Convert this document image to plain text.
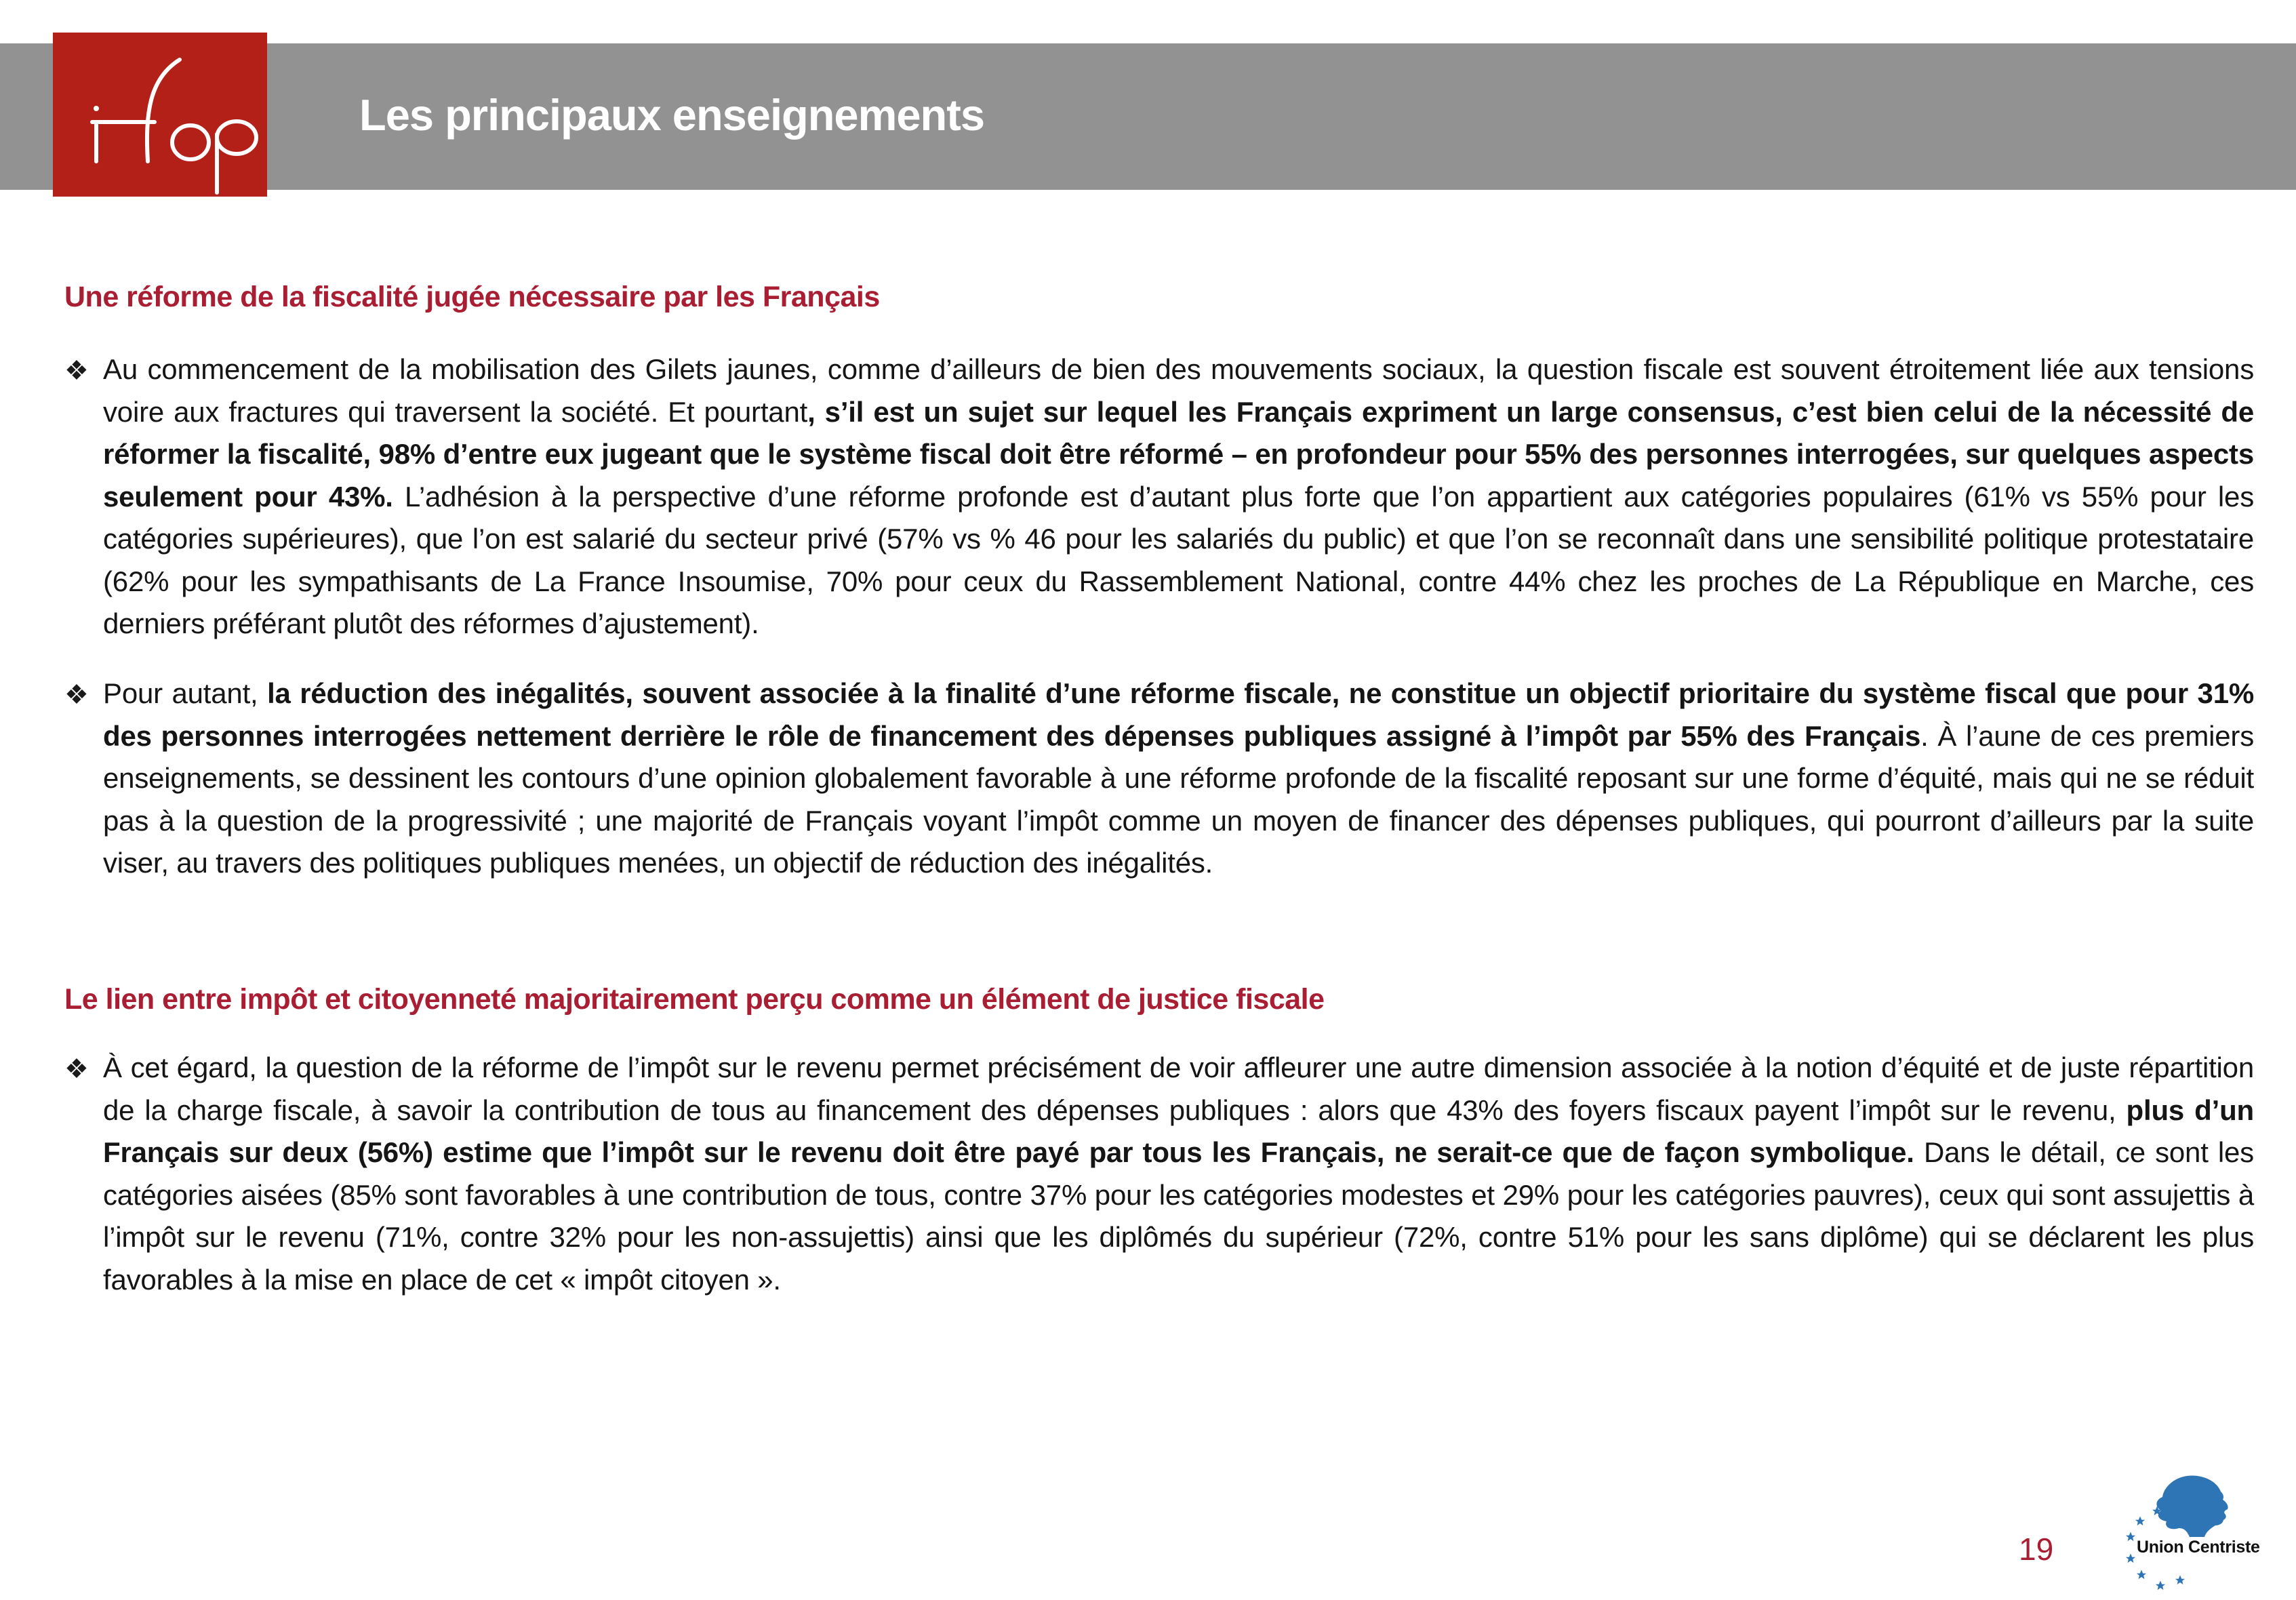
Les principaux enseignements
Une réforme de la fiscalité jugée nécessaire par les Français
❖ Au commencement de la mobilisation des Gilets jaunes, comme d’ailleurs de bien des mouvements sociaux, la question fiscale est souvent étroitement liée aux tensions voire aux fractures qui traversent la société. Et pourtant, s’il est un sujet sur lequel les Français expriment un large consensus, c’est bien celui de la nécessité de réformer la fiscalité, 98% d’entre eux jugeant que le système fiscal doit être réformé – en profondeur pour 55% des personnes interrogées, sur quelques aspects seulement pour 43%. L’adhésion à la perspective d’une réforme profonde est d’autant plus forte que l’on appartient aux catégories populaires (61% vs 55% pour les catégories supérieures), que l’on est salarié du secteur privé (57% vs % 46 pour les salariés du public) et que l’on se reconnaît dans une sensibilité politique protestataire (62% pour les sympathisants de La France Insoumise, 70% pour ceux du Rassemblement National, contre 44% chez les proches de La République en Marche, ces derniers préférant plutôt des réformes d’ajustement).
❖ Pour autant, la réduction des inégalités, souvent associée à la finalité d’une réforme fiscale, ne constitue un objectif prioritaire du système fiscal que pour 31% des personnes interrogées nettement derrière le rôle de financement des dépenses publiques assigné à l’impôt par 55% des Français. À l’aune de ces premiers enseignements, se dessinent les contours d’une opinion globalement favorable à une réforme profonde de la fiscalité reposant sur une forme d’équité, mais qui ne se réduit pas à la question de la progressivité ; une majorité de Français voyant l’impôt comme un moyen de financer des dépenses publiques, qui pourront d’ailleurs par la suite viser, au travers des politiques publiques menées, un objectif de réduction des inégalités.
Le lien entre impôt et citoyenneté majoritairement perçu comme un élément de justice fiscale
❖ À cet égard, la question de la réforme de l’impôt sur le revenu permet précisément de voir affleurer une autre dimension associée à la notion d’équité et de juste répartition de la charge fiscale, à savoir la contribution de tous au financement des dépenses publiques : alors que 43% des foyers fiscaux payent l’impôt sur le revenu, plus d’un Français sur deux (56%) estime que l’impôt sur le revenu doit être payé par tous les Français, ne serait-ce que de façon symbolique. Dans le détail, ce sont les catégories aisées (85% sont favorables à une contribution de tous, contre 37% pour les catégories modestes et 29% pour les catégories pauvres), ceux qui sont assujettis à l’impôt sur le revenu (71%, contre 32% pour les non-assujettis) ainsi que les diplômés du supérieur (72%, contre 51% pour les sans diplôme) qui se déclarent les plus favorables à la mise en place de cet « impôt citoyen ».
19	Union Centriste
